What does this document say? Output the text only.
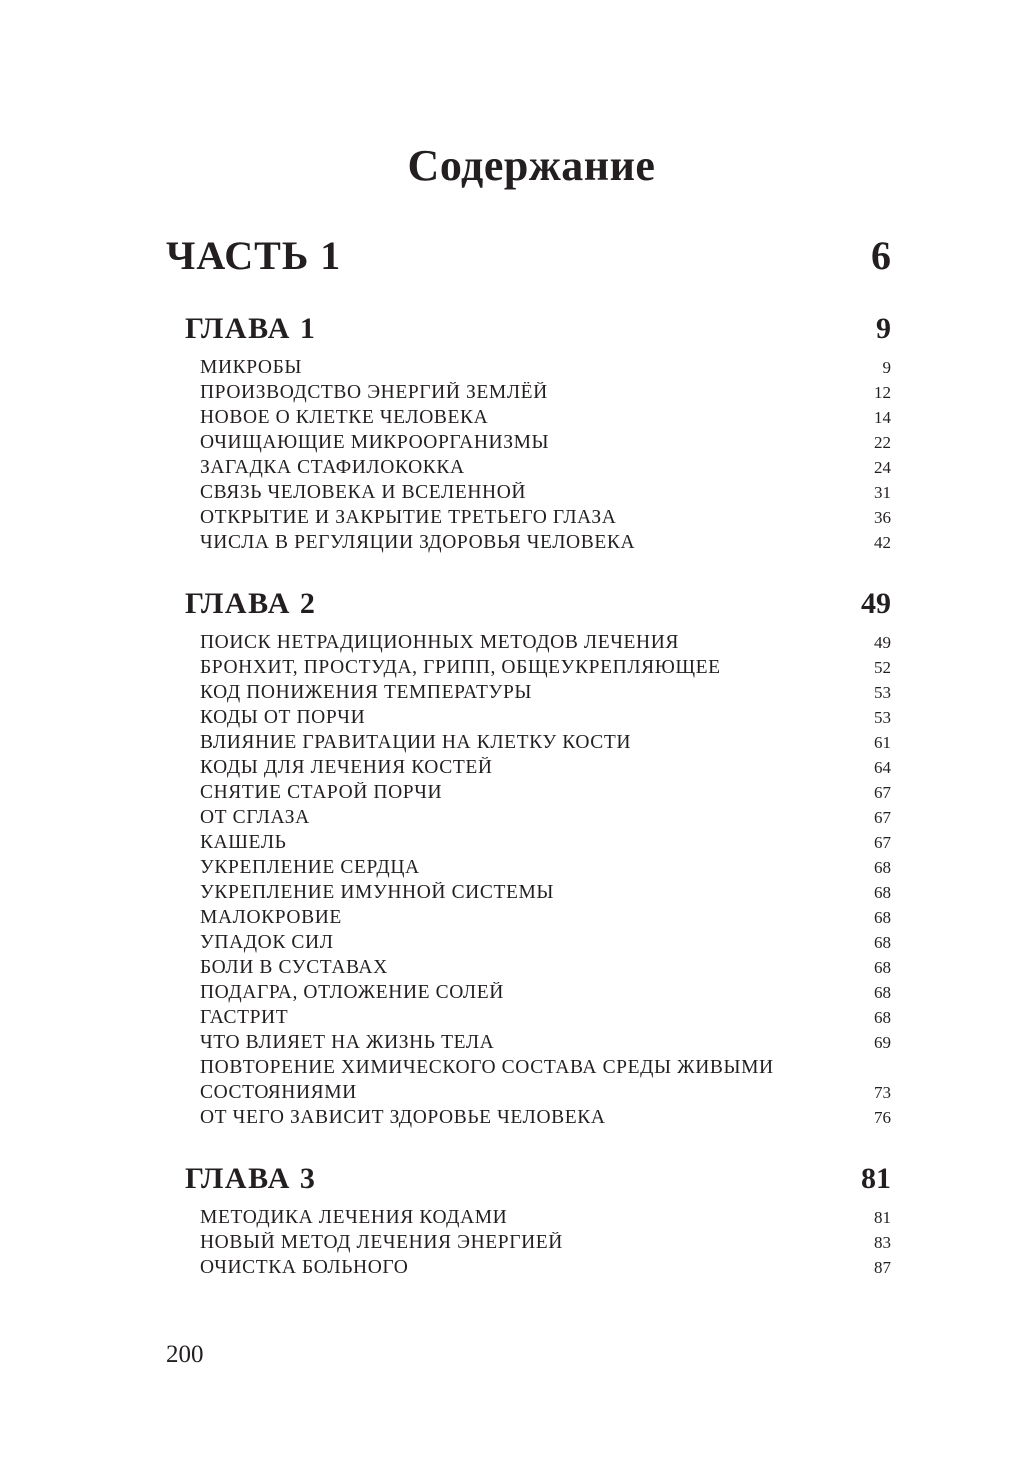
Содержание
ЧАСТЬ 1	6
ГЛАВА 1	9
МИКРОБЫ	9
ПРОИЗВОДСТВО ЭНЕРГИЙ ЗЕМЛЁЙ	12
НОВОЕ О КЛЕТКЕ ЧЕЛОВЕКА	14
ОЧИЩАЮЩИЕ МИКРООРГАНИЗМЫ	22
ЗАГАДКА СТАФИЛОКОККА	24
СВЯЗЬ ЧЕЛОВЕКА И ВСЕЛЕННОЙ	31
ОТКРЫТИЕ И ЗАКРЫТИЕ ТРЕТЬЕГО ГЛАЗА	36
ЧИСЛА В РЕГУЛЯЦИИ ЗДОРОВЬЯ ЧЕЛОВЕКА	42
ГЛАВА 2	49
ПОИСК НЕТРАДИЦИОННЫХ МЕТОДОВ ЛЕЧЕНИЯ	49
БРОНХИТ, ПРОСТУДА, ГРИПП, ОБЩЕУКРЕПЛЯЮЩЕЕ	52
КОД ПОНИЖЕНИЯ ТЕМПЕРАТУРЫ	53
КОДЫ ОТ ПОРЧИ	53
ВЛИЯНИЕ ГРАВИТАЦИИ НА КЛЕТКУ КОСТИ	61
КОДЫ ДЛЯ ЛЕЧЕНИЯ КОСТЕЙ	64
СНЯТИЕ СТАРОЙ ПОРЧИ	67
ОТ СГЛАЗА	67
КАШЕЛЬ	67
УКРЕПЛЕНИЕ СЕРДЦА	68
УКРЕПЛЕНИЕ ИМУННОЙ СИСТЕМЫ	68
МАЛОКРОВИЕ	68
УПАДОК СИЛ	68
БОЛИ В СУСТАВАХ	68
ПОДАГРА, ОТЛОЖЕНИЕ СОЛЕЙ	68
ГАСТРИТ	68
ЧТО ВЛИЯЕТ НА ЖИЗНЬ ТЕЛА	69
ПОВТОРЕНИЕ ХИМИЧЕСКОГО СОСТАВА СРЕДЫ ЖИВЫМИ
СОСТОЯНИЯМИ	73
ОТ ЧЕГО ЗАВИСИТ ЗДОРОВЬЕ ЧЕЛОВЕКА	76
ГЛАВА 3	81
МЕТОДИКА ЛЕЧЕНИЯ КОДАМИ	81
НОВЫЙ МЕТОД ЛЕЧЕНИЯ ЭНЕРГИЕЙ	83
ОЧИСТКА БОЛЬНОГО	87
200
